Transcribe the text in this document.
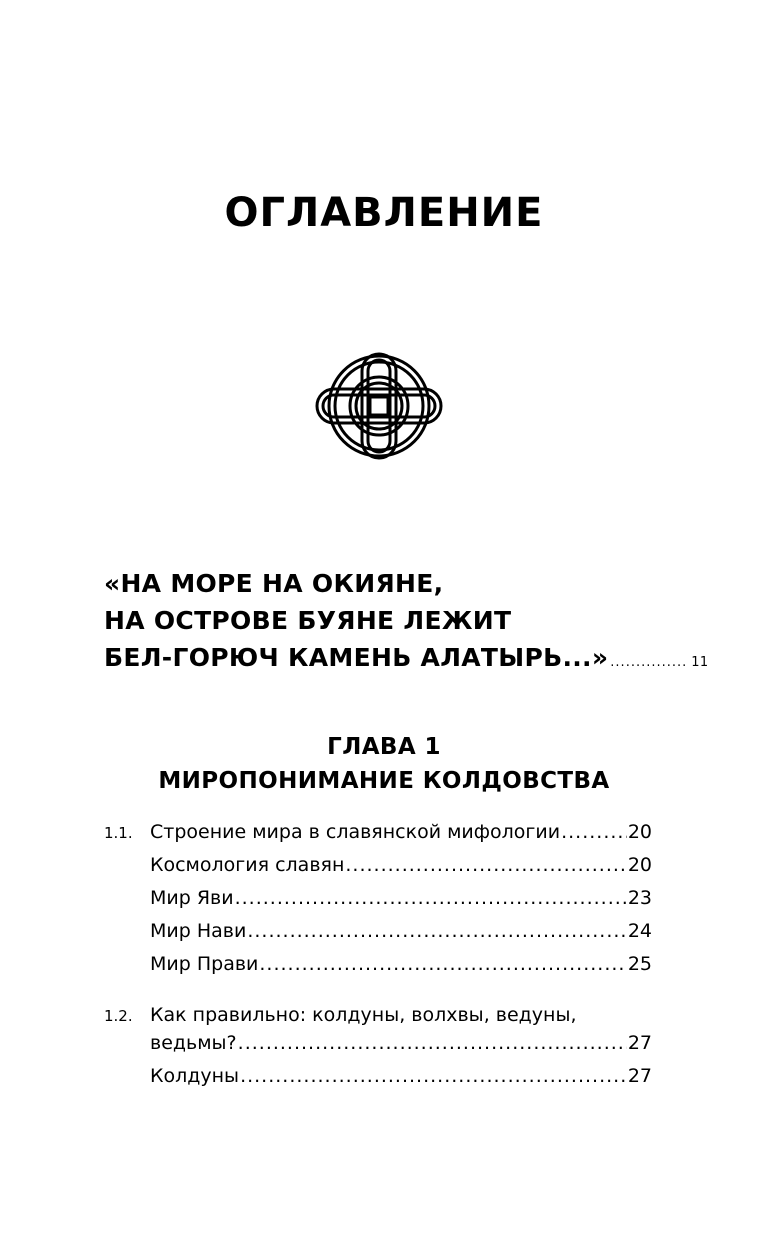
ОГЛАВЛЕНИЕ
«НА МОРЕ НА ОКИЯНЕ,
НА ОСТРОВЕ БУЯНЕ ЛЕЖИТ
БЕЛ-ГОРЮЧ КАМЕНЬ АЛАТЫРЬ...» ............... 11
ГЛАВА 1
МИРОПОНИМАНИЕ КОЛДОВСТВА
1.1. Строение мира в славянской мифологии .....	20
Космология славян .....	20
Мир Яви .....	23
Мир Нави .....	24
Мир Прави .....	25
1.2. Как правильно: колдуны, волхвы, ведуны,
ведьмы? .....	27
Колдуны .....	27
